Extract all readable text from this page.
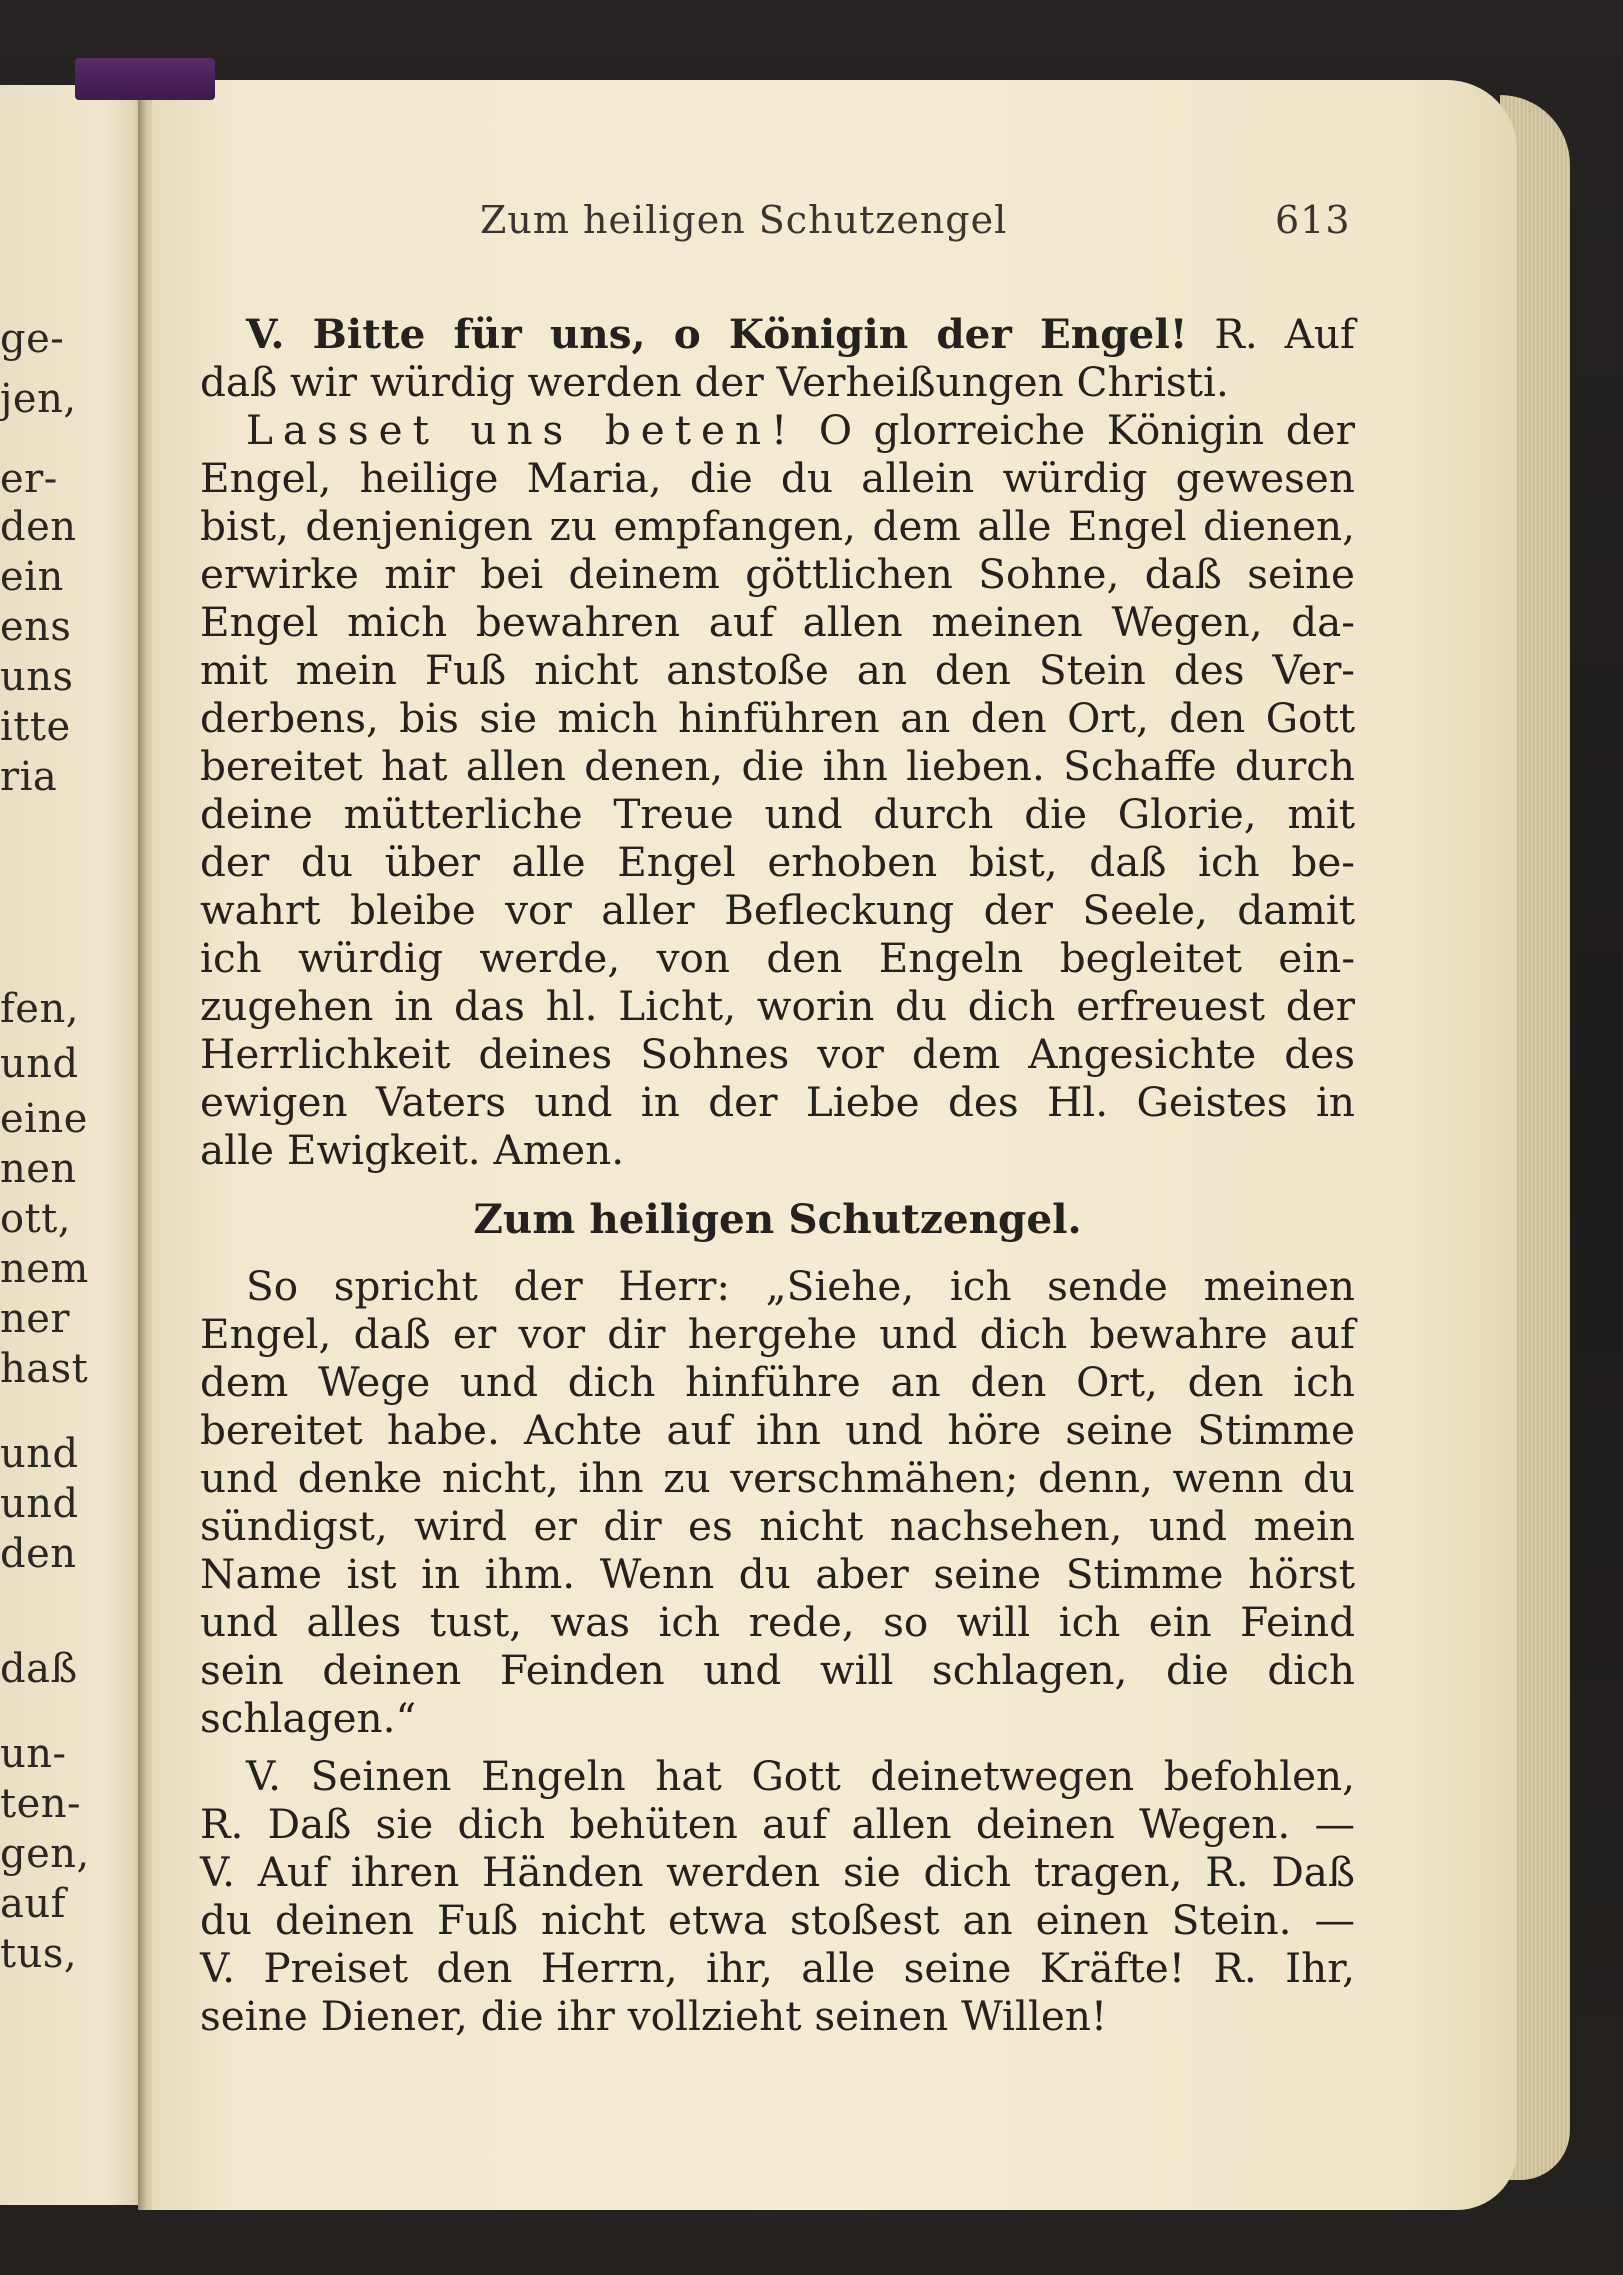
ge-
jen,
er-
den
ein
ens
uns
itte
ria
fen,
und
eine
nen
ott,
nem
ner
hast
und
und
den
daß
un-
ten-
gen,
auf
tus,
Zum heiligen Schutzengel	613
V. Bitte für uns, o Königin der Engel! R. Auf
daß wir würdig werden der Verheißungen Christi.
Lasset uns beten! O glorreiche Königin der
Engel, heilige Maria, die du allein würdig gewesen
bist, denjenigen zu empfangen, dem alle Engel dienen,
erwirke mir bei deinem göttlichen Sohne, daß seine
Engel mich bewahren auf allen meinen Wegen, da-
mit mein Fuß nicht anstoße an den Stein des Ver-
derbens, bis sie mich hinführen an den Ort, den Gott
bereitet hat allen denen, die ihn lieben. Schaffe durch
deine mütterliche Treue und durch die Glorie, mit
der du über alle Engel erhoben bist, daß ich be-
wahrt bleibe vor aller Befleckung der Seele, damit
ich würdig werde, von den Engeln begleitet ein-
zugehen in das hl. Licht, worin du dich erfreuest der
Herrlichkeit deines Sohnes vor dem Angesichte des
ewigen Vaters und in der Liebe des Hl. Geistes in
alle Ewigkeit. Amen.
Zum heiligen Schutzengel.
So spricht der Herr: „Siehe, ich sende meinen
Engel, daß er vor dir hergehe und dich bewahre auf
dem Wege und dich hinführe an den Ort, den ich
bereitet habe. Achte auf ihn und höre seine Stimme
und denke nicht, ihn zu verschmähen; denn, wenn du
sündigst, wird er dir es nicht nachsehen, und mein
Name ist in ihm. Wenn du aber seine Stimme hörst
und alles tust, was ich rede, so will ich ein Feind
sein deinen Feinden und will schlagen, die dich
schlagen.“
V. Seinen Engeln hat Gott deinetwegen befohlen,
R. Daß sie dich behüten auf allen deinen Wegen. —
V. Auf ihren Händen werden sie dich tragen, R. Daß
du deinen Fuß nicht etwa stoßest an einen Stein. —
V. Preiset den Herrn, ihr, alle seine Kräfte! R. Ihr,
seine Diener, die ihr vollzieht seinen Willen!
